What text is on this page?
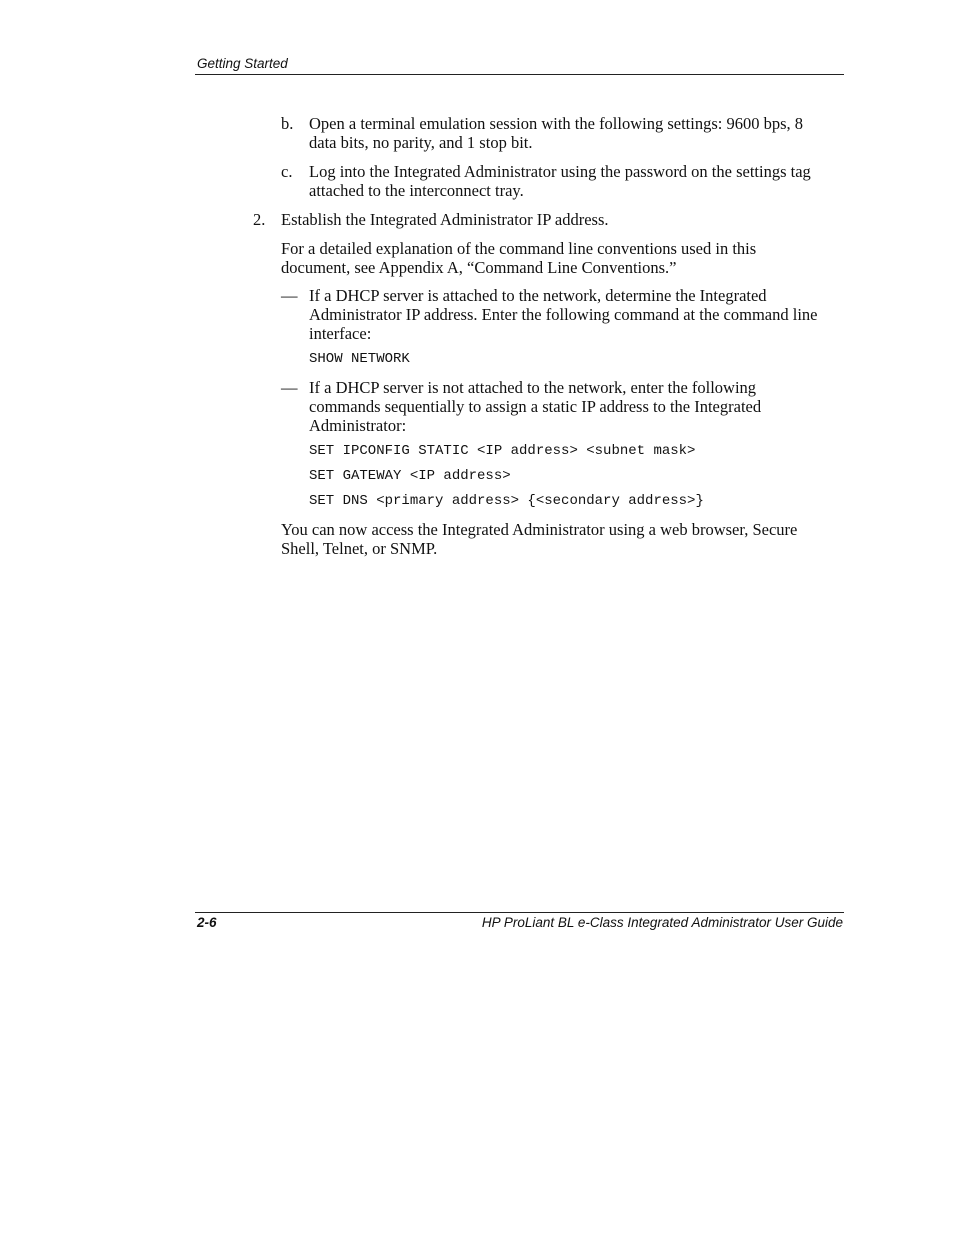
Getting Started
b. Open a terminal emulation session with the following settings: 9600 bps, 8 data bits, no parity, and 1 stop bit.
c. Log into the Integrated Administrator using the password on the settings tag attached to the interconnect tray.
2. Establish the Integrated Administrator IP address.
For a detailed explanation of the command line conventions used in this document, see Appendix A, “Command Line Conventions.”
— If a DHCP server is attached to the network, determine the Integrated Administrator IP address. Enter the following command at the command line interface:
SHOW NETWORK
— If a DHCP server is not attached to the network, enter the following commands sequentially to assign a static IP address to the Integrated Administrator:
SET IPCONFIG STATIC <IP address> <subnet mask>
SET GATEWAY <IP address>
SET DNS <primary address> {<secondary address>}
You can now access the Integrated Administrator using a web browser, Secure Shell, Telnet, or SNMP.
2-6	HP ProLiant BL e-Class Integrated Administrator User Guide
